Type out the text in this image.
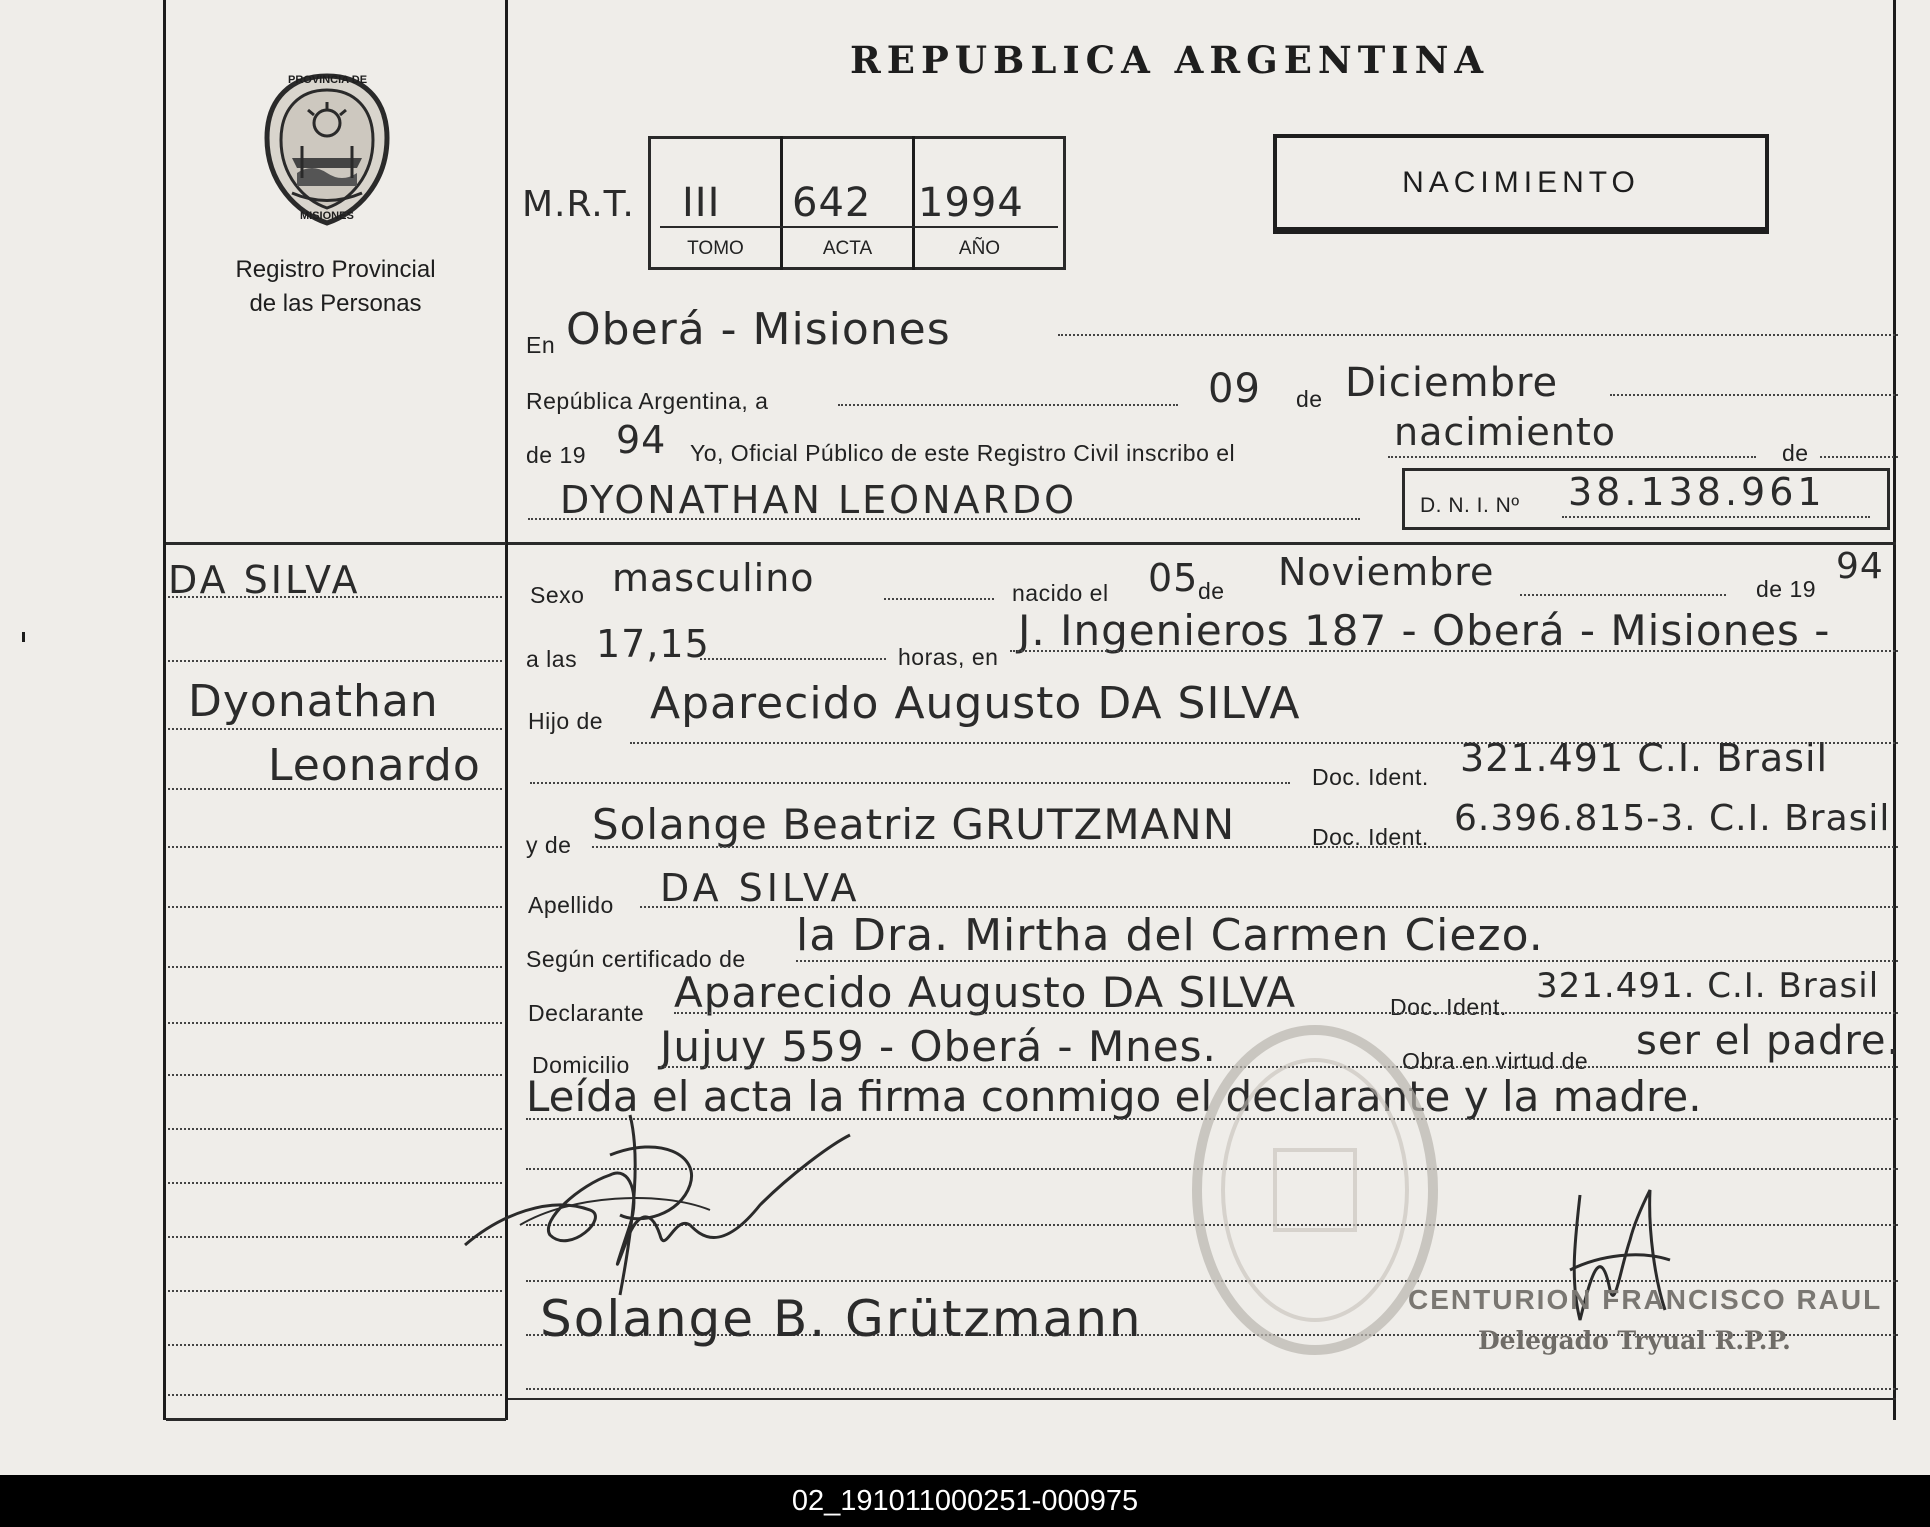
PROVINCIA DE
MISIONES
Registro Provincial
de las Personas
REPUBLICA ARGENTINA
M.R.T. III 642 1994
TOMO	ACTA	AÑO
NACIMIENTO
En Oberá - Misiones
República Argentina, a	09 de Diciembre
de 19 94 Yo, Oficial Público de este Registro Civil inscribo el	nacimiento	de
DYONATHAN LEONARDO	D. N. I. Nº 38.138.961
DA SILVA
Dyonathan
Leonardo
Sexo masculino	nacido el 05 de Noviembre	de 19
94
a las 17,15	horas, en
J. Ingenieros 187 - Oberá - Misiones -
Hijo de Aparecido Augusto DA SILVA
Doc. Ident. 321.491 C.I. Brasil
y de Solange Beatriz GRUTZMANN	Doc. Ident. 6.396.815-3. C.I. Brasil
Apellido DA SILVA
Según certificado de la Dra. Mirtha del Carmen Ciezo.
Declarante Aparecido Augusto DA SILVA	Doc. Ident.
321.491. C.I. Brasil
Domicilio Jujuy 559 - Oberá - Mnes.	Obra en virtud de ser el padre.
Leída el acta la firma conmigo el declarante y la madre.
Solange B. Grützmann	CENTURION FRANCISCO RAUL
Delegado Tryual R.P.P.
02_191011000251-000975
